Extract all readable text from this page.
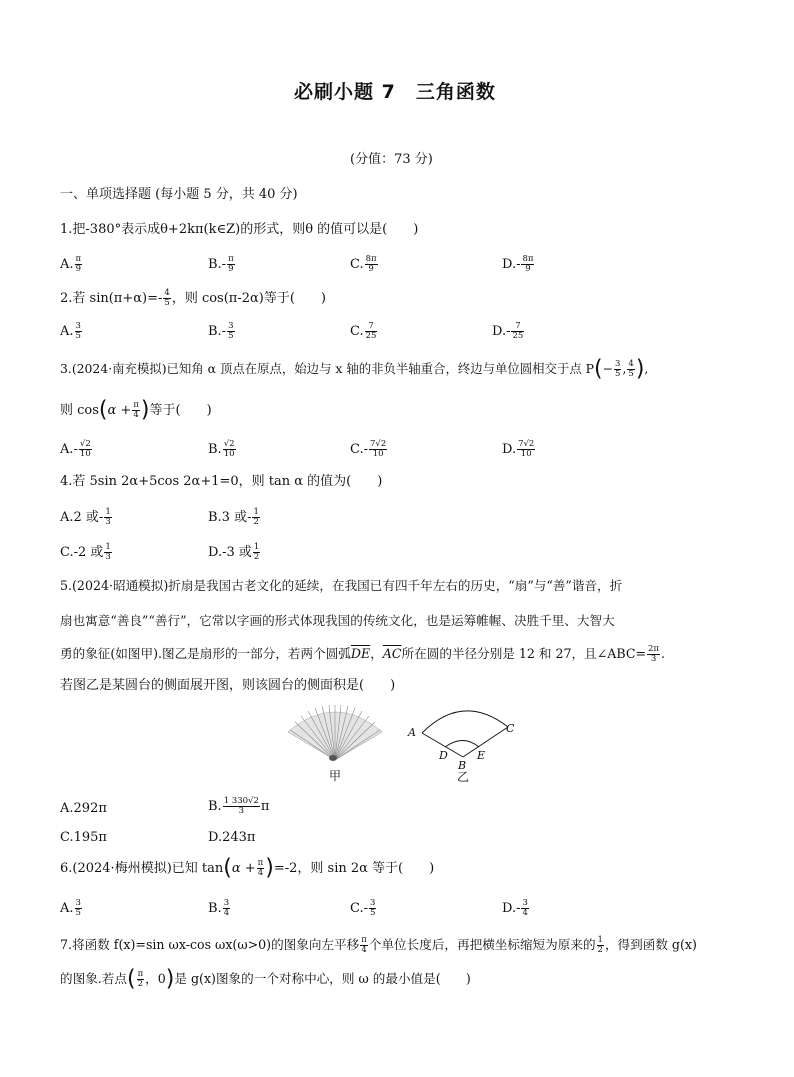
必刷小题 7　三角函数
(分值：73 分)
一、单项选择题 (每小题 5 分，共 40 分)
1.把-380°表示成θ+2kπ(k∈Z)的形式，则θ 的值可以是(　　)
A. $\frac{\pi}{9}$	$B.- \frac{\pi}{9}$	C. $\frac{8\pi}{9}$	$D.- \frac{8\pi}{9}$
2.若 $\sin(\pi+\alpha)=- \frac{4}{5}$ ，则 cos(π-2α)等于(　　)
A. $\frac{3}{5}$	$B.- \frac{3}{5}$	C. $\frac{7}{25}$	$D.- \frac{7}{25}$
3.(2024·南充模拟)已知角 α 顶点在原点，始边与 x 轴的非负半轴重合，终边与单位圆相交于点 $P(- \frac{3}{5}$ , $\frac{4}{5}$ ),
则 $\cos(\alpha + \frac{\pi}{4}$ )等于(　　)
$A.- \frac{√2}{10}$	B. $\frac{√2}{10}$	$C.- \frac{7√2}{10}$	D. $\frac{7√2}{10}$
4.若 5sin 2α+5cos 2α+1=0，则 tan α 的值为(　　)
A.2 或- $\frac{1}{3}$	B.3 或- $\frac{1}{2}$
C.-2 或 $\frac{1}{3}$	D.-3 或 $\frac{1}{2}$
5.(2024·昭通模拟)折扇是我国古老文化的延续，在我国已有四千年左右的历史，“扇”与“善”谐音，折
扇也寓意“善良”“善行”，它常以字画的形式体现我国的传统文化，也是运筹帷幄、决胜千里、大智大
勇的象征(如图甲).图乙是扇形的一部分，若两个圆弧$\overline{DE}$，$\overline{AC}$所在圆的半径分别是 12 和 27，且∠ABC= $\frac{2\pi}{3}$ .
若图乙是某圆台的侧面展开图，则该圆台的侧面积是(　　)
甲
A	C
D	E
B
乙
A.292π	B. $\frac{1 330√2}{3}$ π
C.195π	D.243π
6.(2024·梅州模拟)已知 $\tan(\alpha + \frac{\pi}{4} )=-2$，则 sin 2α 等于(　　)
A. $\frac{3}{5}$	B. $\frac{3}{4}$	$C.- \frac{3}{5}$	$D.- \frac{3}{4}$
7.将函数 f(x)=sin ωx-cos ωx(ω>0)的图象向左平移 $\frac{\pi}{4}$ 个单位长度后，再把横坐标缩短为原来的 $\frac{1}{2}$ ，得到函数 g(x)
的图象.若点( $\frac{\pi}{2}$ ，0)是 g(x)图象的一个对称中心，则 ω 的最小值是(　　)
